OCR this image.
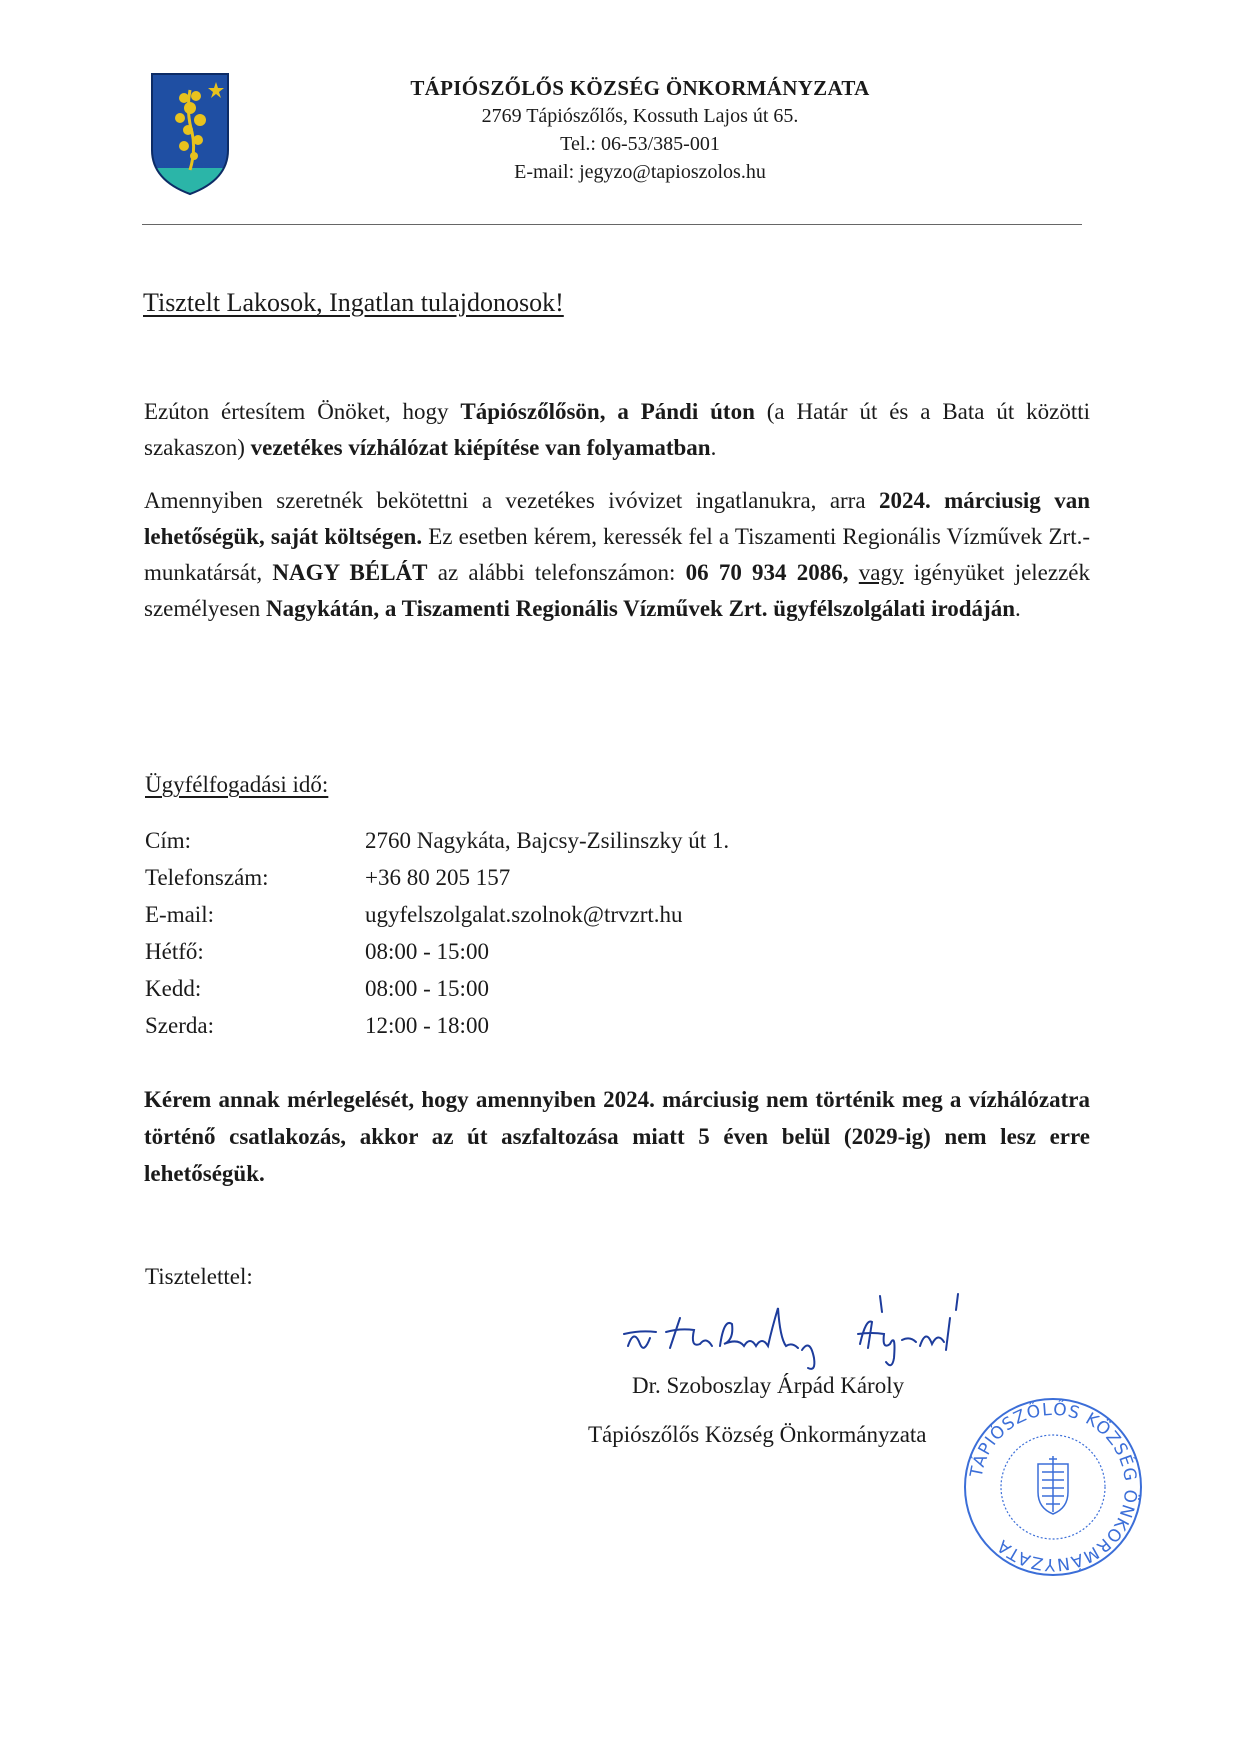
TÁPIÓSZŐLŐS KÖZSÉG ÖNKORMÁNYZATA
2769 Tápiószőlős, Kossuth Lajos út 65.
Tel.: 06-53/385-001
E-mail: jegyzo@tapioszolos.hu
Tisztelt Lakosok, Ingatlan tulajdonosok!
Ezúton értesítem Önöket, hogy Tápiószőlősön, a Pándi úton (a Határ út és a Bata út közötti szakaszon) vezetékes vízhálózat kiépítése van folyamatban.
Amennyiben szeretnék bekötettni a vezetékes ivóvizet ingatlanukra, arra 2024. márciusig van lehetőségük, saját költségen. Ez esetben kérem, keressék fel a Tiszamenti Regionális Vízművek Zrt.- munkatársát, NAGY BÉLÁT az alábbi telefonszámon: 06 70 934 2086, vagy igényüket jelezzék személyesen Nagykátán, a Tiszamenti Regionális Vízművek Zrt. ügyfélszolgálati irodáján.
Ügyfélfogadási idő:
Cím:	2760 Nagykáta, Bajcsy-Zsilinszky út 1.
Telefonszám:	+36 80 205 157
E-mail:	ugyfelszolgalat.szolnok@trvzrt.hu
Hétfő:	08:00 - 15:00
Kedd:	08:00 - 15:00
Szerda:	12:00 - 18:00
Kérem annak mérlegelését, hogy amennyiben 2024. márciusig nem történik meg a vízhálózatra történő csatlakozás, akkor az út aszfaltozása miatt 5 éven belül (2029-ig) nem lesz erre lehetőségük.
Tisztelettel:
Dr. Szoboszlay Árpád Károly
Tápiószőlős Község Önkormányzata
TÁPIÓSZŐLŐS KÖZSÉG ÖNKORMÁNYZATA
